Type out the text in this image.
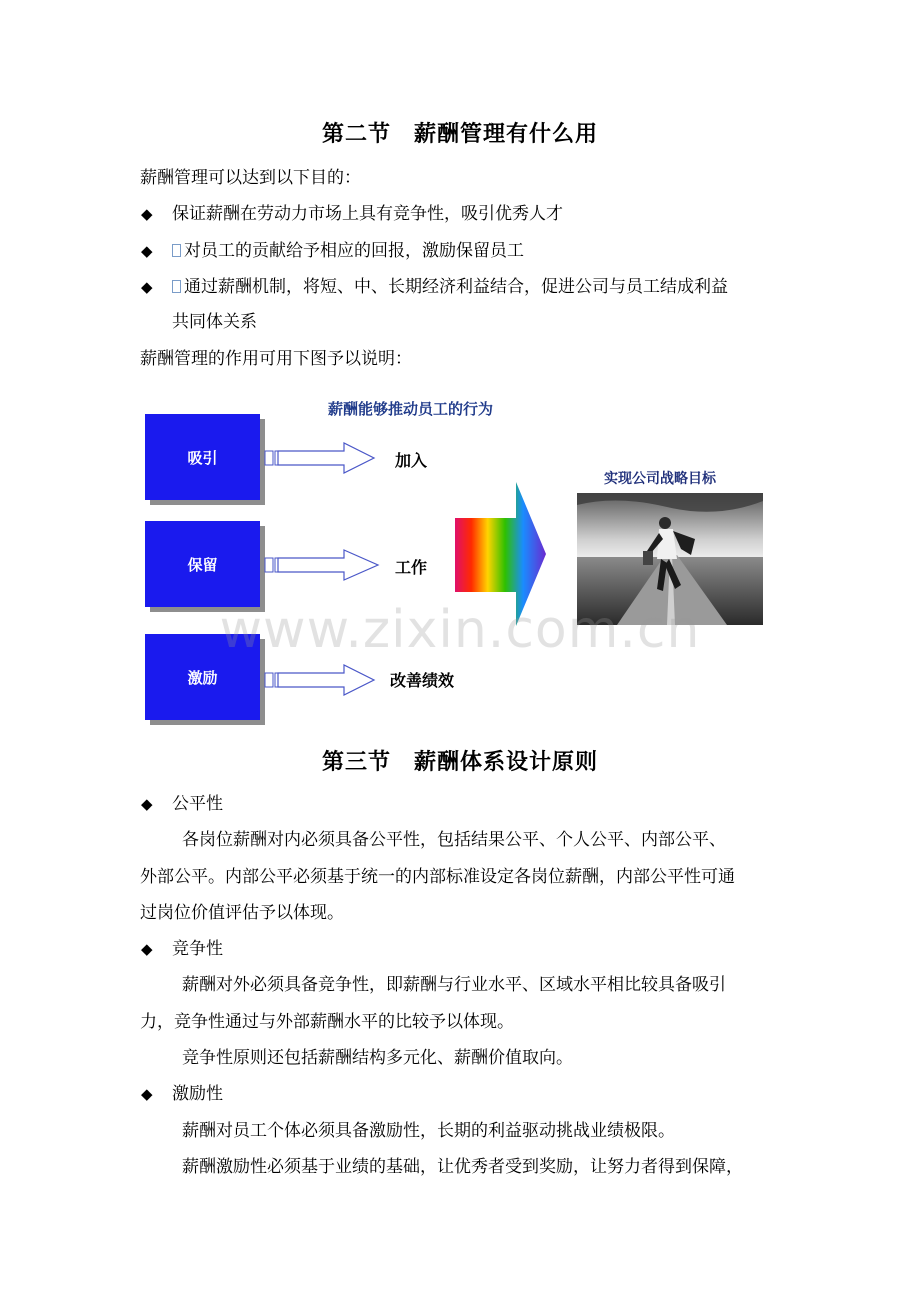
第二节　薪酬管理有什么用
薪酬管理可以达到以下目的：
◆ 保证薪酬在劳动力市场上具有竞争性，吸引优秀人才
◆	对员工的贡献给予相应的回报，激励保留员工
◆	通过薪酬机制，将短、中、长期经济利益结合，促进公司与员工结成利益
共同体关系
薪酬管理的作用可用下图予以说明：
薪酬能够推动员工的行为
吸引
保留
激励
加入
工作
改善绩效
实现公司战略目标
www.zixin.com.cn
第三节　薪酬体系设计原则
◆ 公平性
各岗位薪酬对内必须具备公平性，包括结果公平、个人公平、内部公平、
外部公平。内部公平必须基于统一的内部标准设定各岗位薪酬，内部公平性可通
过岗位价值评估予以体现。
◆ 竞争性
薪酬对外必须具备竞争性，即薪酬与行业水平、区域水平相比较具备吸引
力，竞争性通过与外部薪酬水平的比较予以体现。
竞争性原则还包括薪酬结构多元化、薪酬价值取向。
◆ 激励性
薪酬对员工个体必须具备激励性，长期的利益驱动挑战业绩极限。
薪酬激励性必须基于业绩的基础，让优秀者受到奖励，让努力者得到保障，
